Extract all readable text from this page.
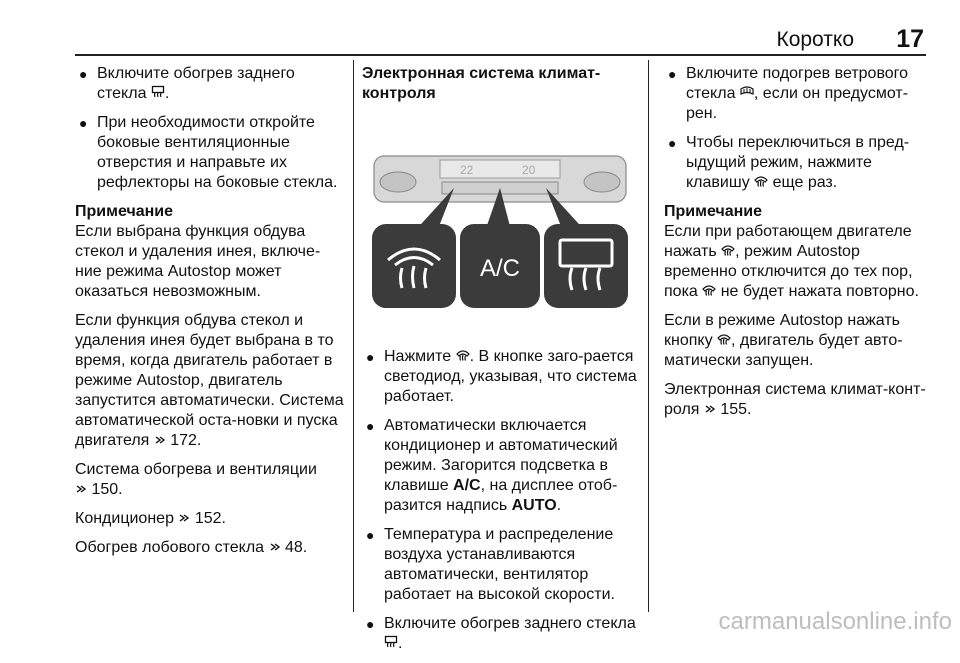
Коротко 17
● Включите обогрев заднего стекла .
● При необходимости откройте боковые вентиляционные отверстия и направьте их рефлекторы на боковые стекла.
Примечание
Если выбрана функция обдува стекол и удаления инея, включе-ние режима Autostop может оказаться невозможным.
Если функция обдува стекол и удаления инея будет выбрана в то время, когда двигатель работает в режиме Autostop, двигатель запустится автоматически. Система автоматической оста-новки и пуска двигателя  172.
Система обогрева и вентиляции
150.
Кондиционер  152.
Обогрев лобового стекла  48.
Электронная система климат-контроля
22	20
A/C
● Нажмите . В кнопке заго-рается светодиод, указывая, что система работает.
● Автоматически включается кондиционер и автоматический режим. Загорится подсветка в клавише A/C, на дисплее отоб-разится надпись AUTO.
● Температура и распределение воздуха устанавливаются автоматически, вентилятор работает на высокой скорости.
● Включите обогрев заднего стекла .
● Включите подогрев ветрового стекла , если он предусмот-рен.
● Чтобы переключиться в пред-ыдущий режим, нажмите клавишу  еще раз.
Примечание
Если при работающем двигателе нажать , режим Autostop временно отключится до тех пор, пока  не будет нажата повторно.
Если в режиме Autostop нажать кнопку , двигатель будет авто-матически запущен.
Электронная система климат-конт-роля  155.
carmanualsonline.info
